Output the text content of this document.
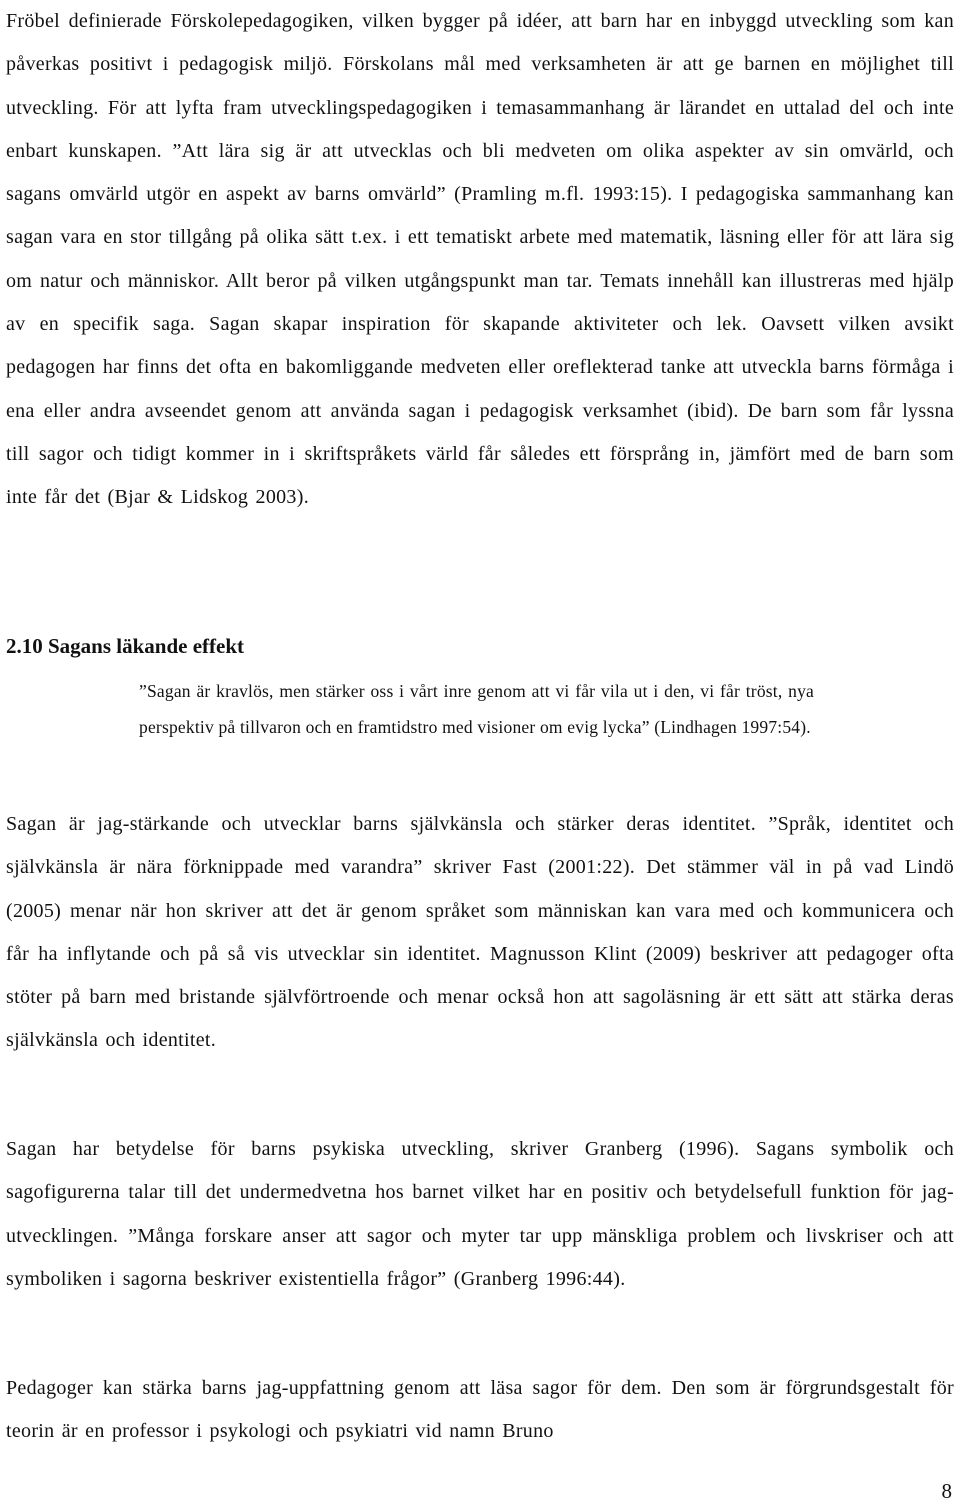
Fröbel definierade Förskolepedagogiken, vilken bygger på idéer, att barn har en inbyggd utveckling som kan påverkas positivt i pedagogisk miljö. Förskolans mål med verksamheten är att ge barnen en möjlighet till utveckling. För att lyfta fram utvecklingspedagogiken i temasammanhang är lärandet en uttalad del och inte enbart kunskapen. ”Att lära sig är att utvecklas och bli medveten om olika aspekter av sin omvärld, och sagans omvärld utgör en aspekt av barns omvärld” (Pramling m.fl. 1993:15). I pedagogiska sammanhang kan sagan vara en stor tillgång på olika sätt t.ex. i ett tematiskt arbete med matematik, läsning eller för att lära sig om natur och människor. Allt beror på vilken utgångspunkt man tar. Temats innehåll kan illustreras med hjälp av en specifik saga. Sagan skapar inspiration för skapande aktiviteter och lek. Oavsett vilken avsikt pedagogen har finns det ofta en bakomliggande medveten eller oreflekterad tanke att utveckla barns förmåga i ena eller andra avseendet genom att använda sagan i pedagogisk verksamhet (ibid). De barn som får lyssna till sagor och tidigt kommer in i skriftspråkets värld får således ett försprång in, jämfört med de barn som inte får det (Bjar & Lidskog 2003).

2.10 Sagans läkande effekt

”Sagan är kravlös, men stärker oss i vårt inre genom att vi får vila ut i den, vi får tröst, nya perspektiv på tillvaron och en framtidstro med visioner om evig lycka” (Lindhagen 1997:54).

Sagan är jag-stärkande och utvecklar barns självkänsla och stärker deras identitet. ”Språk, identitet och självkänsla är nära förknippade med varandra” skriver Fast (2001:22). Det stämmer väl in på vad Lindö (2005) menar när hon skriver att det är genom språket som människan kan vara med och kommunicera och får ha inflytande och på så vis utvecklar sin identitet. Magnusson Klint (2009) beskriver att pedagoger ofta stöter på barn med bristande självförtroende och menar också hon att sagoläsning är ett sätt att stärka deras självkänsla och identitet.

Sagan har betydelse för barns psykiska utveckling, skriver Granberg (1996). Sagans symbolik och sagofigurerna talar till det undermedvetna hos barnet vilket har en positiv och betydelsefull funktion för jag-utvecklingen. ”Många forskare anser att sagor och myter tar upp mänskliga problem och livskriser och att symboliken i sagorna beskriver existentiella frågor” (Granberg 1996:44).

Pedagoger kan stärka barns jag-uppfattning genom att läsa sagor för dem. Den som är förgrundsgestalt för teorin är en professor i psykologi och psykiatri vid namn Bruno

8
